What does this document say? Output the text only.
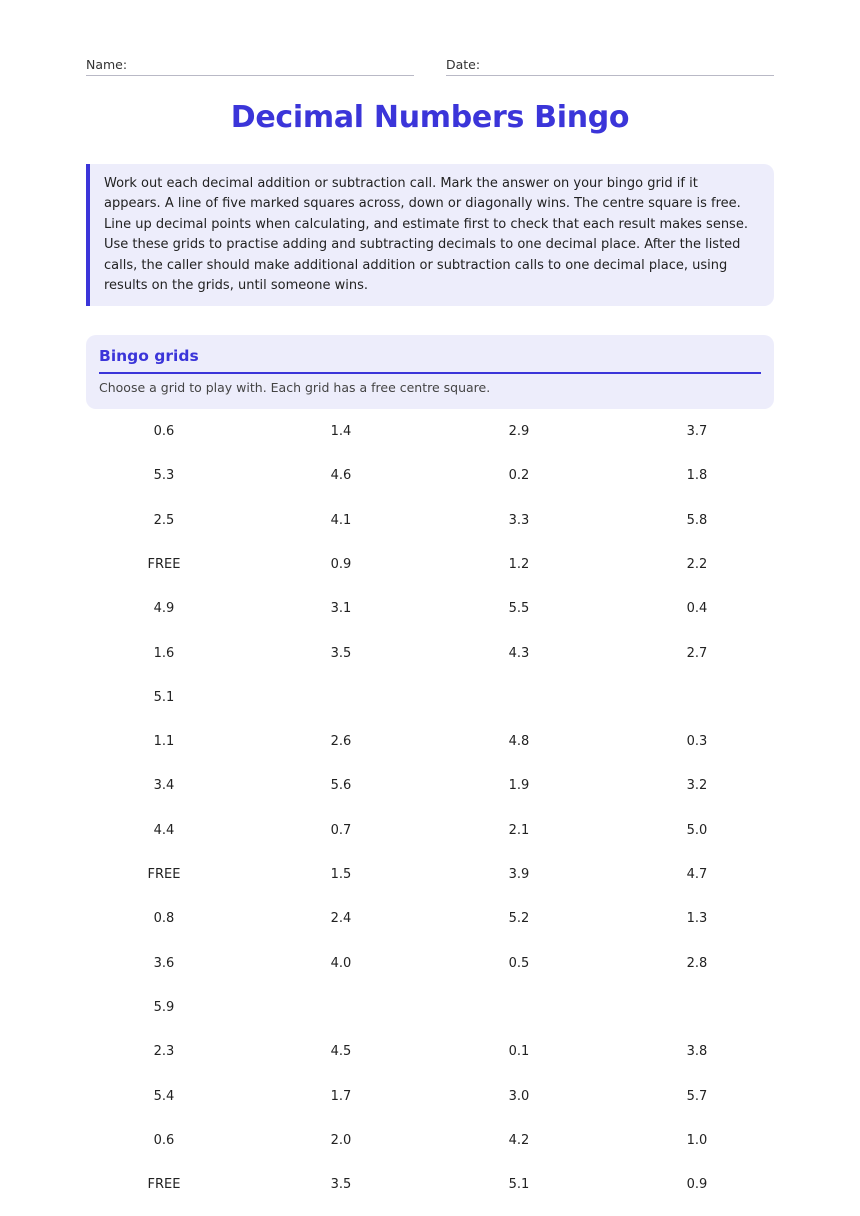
Name:	Date:
Decimal Numbers Bingo
Work out each decimal addition or subtraction call. Mark the answer on your bingo grid if it appears. A line of five marked squares across, down or diagonally wins. The centre square is free. Line up decimal points when calculating, and estimate first to check that each result makes sense. Use these grids to practise adding and subtracting decimals to one decimal place. After the listed calls, the caller should make additional addition or subtraction calls to one decimal place, using results on the grids, until someone wins.
Bingo grids
Choose a grid to play with. Each grid has a free centre square.
0.6	1.4	2.9	3.7
5.3	4.6	0.2	1.8
2.5	4.1	3.3	5.8
FREE	0.9	1.2	2.2
4.9	3.1	5.5	0.4
1.6	3.5	4.3	2.7
5.1
1.1	2.6	4.8	0.3
3.4	5.6	1.9	3.2
4.4	0.7	2.1	5.0
FREE	1.5	3.9	4.7
0.8	2.4	5.2	1.3
3.6	4.0	0.5	2.8
5.9
2.3	4.5	0.1	3.8
5.4	1.7	3.0	5.7
0.6	2.0	4.2	1.0
FREE	3.5	5.1	0.9
